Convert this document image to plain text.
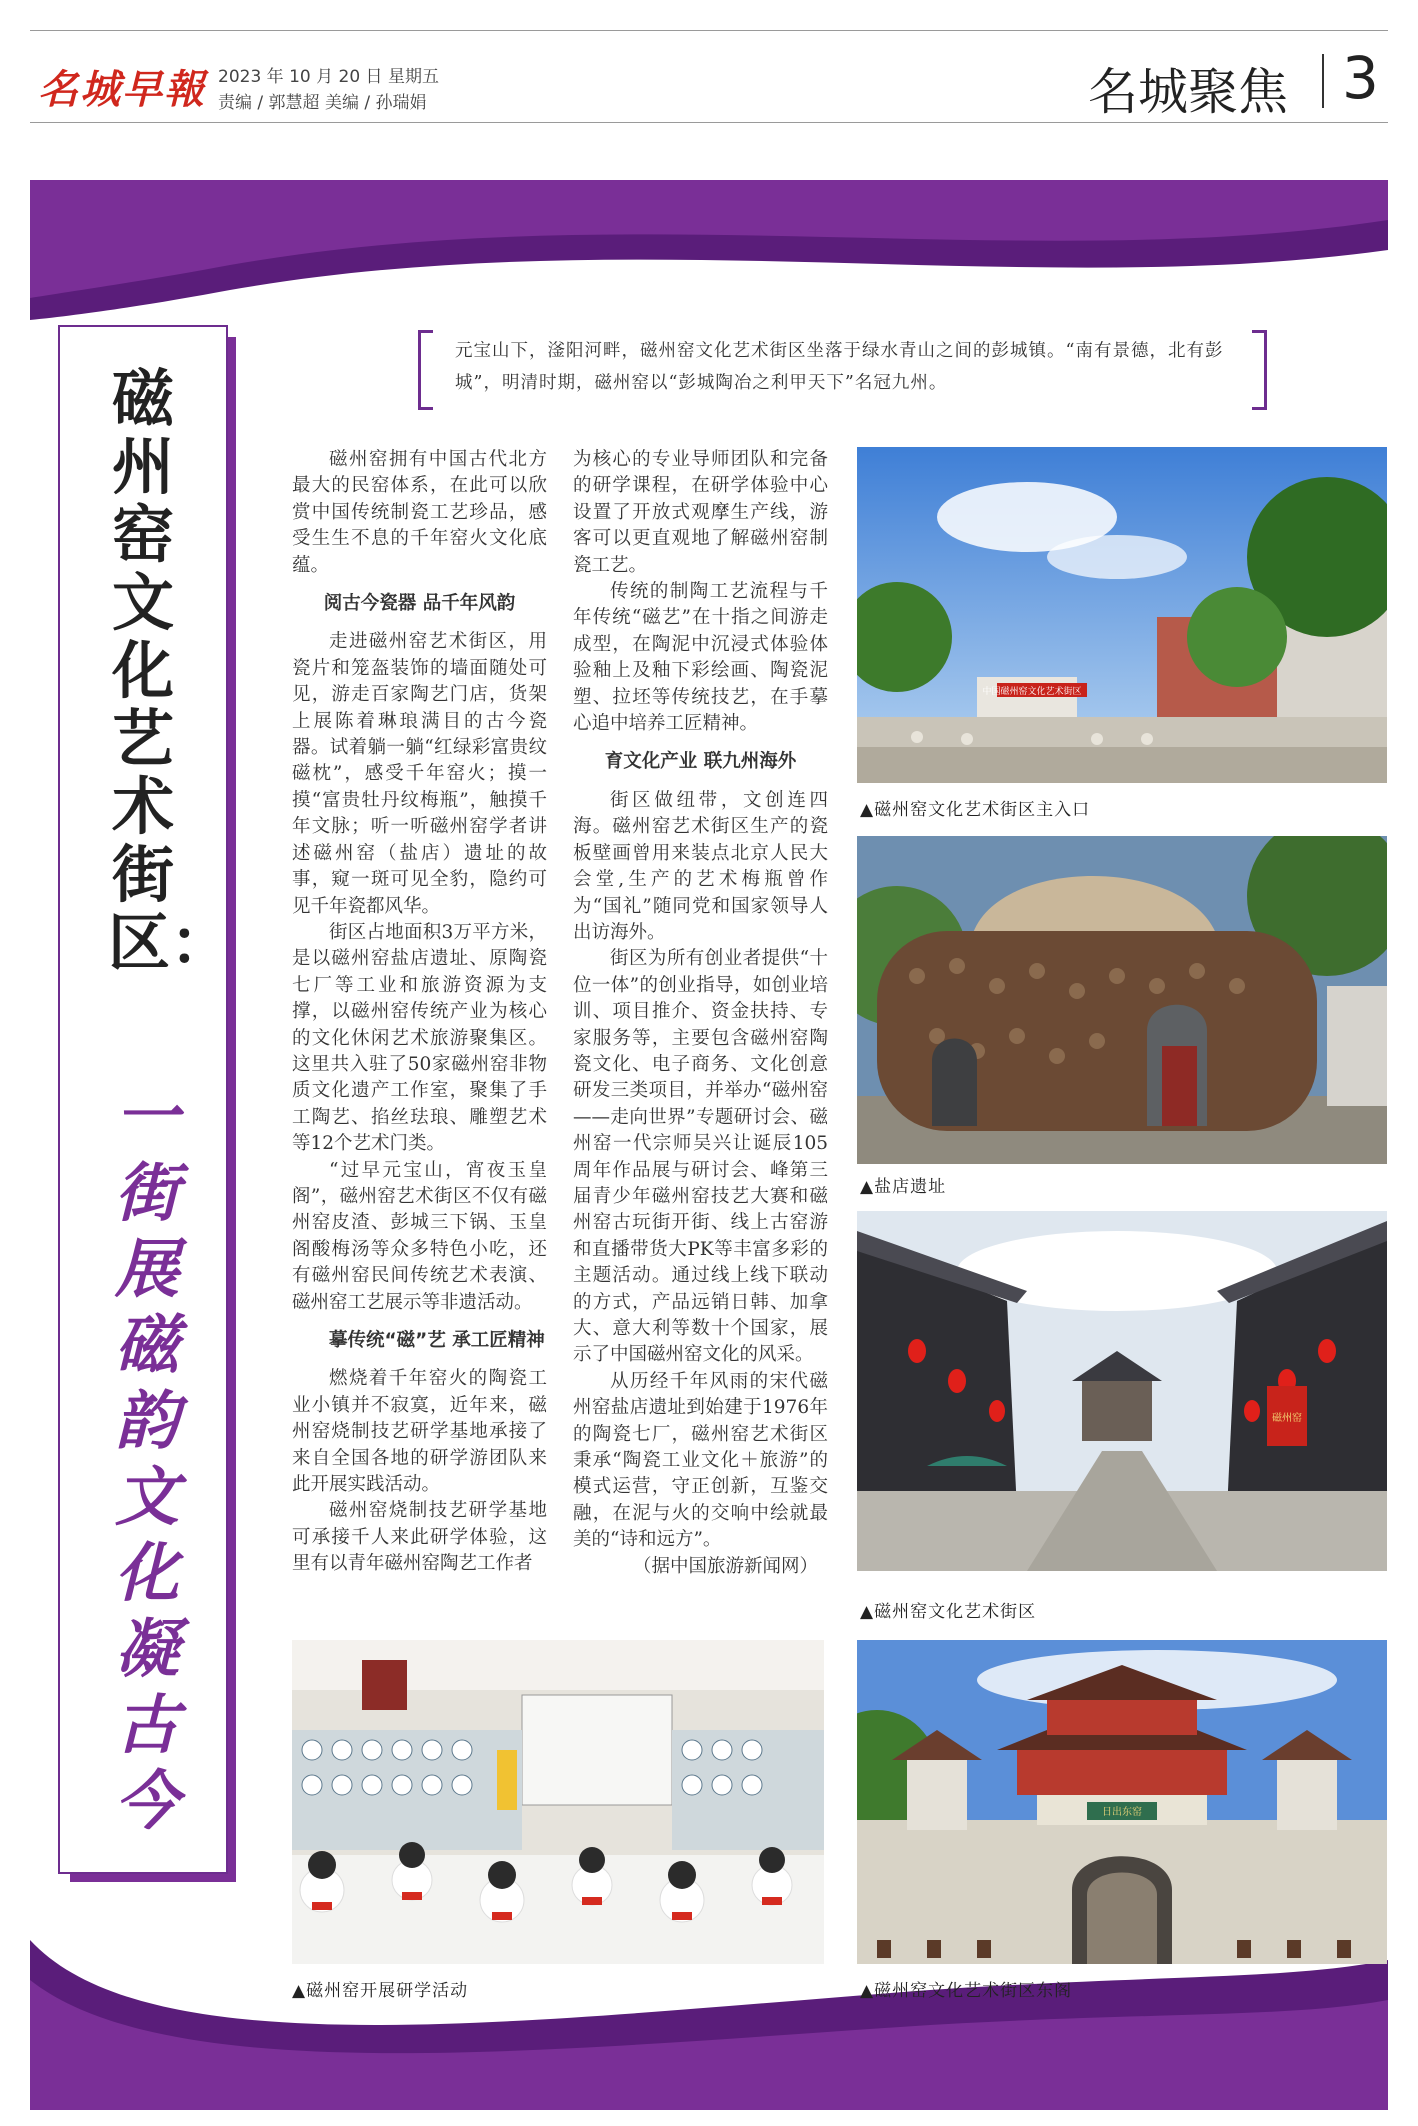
名城早報 2023 年 10 月 20 日 星期五
责编 / 郭慧超 美编 / 孙瑞娟	名城聚焦 3
磁州窑文化艺术街区：
一街展磁韵 文化凝古今
元宝山下，滏阳河畔，磁州窑文化艺术街区坐落于绿水青山之间的彭城镇。“南有景德，北有彭城”，明清时期，磁州窑以“彭城陶冶之利甲天下”名冠九州。

磁州窑拥有中国古代北方最大的民窑体系，在此可以欣赏中国传统制瓷工艺珍品，感受生生不息的千年窑火文化底蕴。

阅古今瓷器 品千年风韵

走进磁州窑艺术街区，用瓷片和笼盔装饰的墙面随处可见，游走百家陶艺门店，货架上展陈着琳琅满目的古今瓷器。试着躺一躺“红绿彩富贵纹磁枕”，感受千年窑火；摸一摸“富贵牡丹纹梅瓶”，触摸千年文脉；听一听磁州窑学者讲述磁州窑（盐店）遗址的故事，窥一斑可见全豹，隐约可见千年瓷都风华。

街区占地面积3万平方米，是以磁州窑盐店遗址、原陶瓷七厂等工业和旅游资源为支撑，以磁州窑传统产业为核心的文化休闲艺术旅游聚集区。这里共入驻了50家磁州窑非物质文化遗产工作室，聚集了手工陶艺、掐丝珐琅、雕塑艺术等12个艺术门类。

“过早元宝山，宵夜玉皇阁”，磁州窑艺术街区不仅有磁州窑皮渣、彭城三下锅、玉皇阁酸梅汤等众多特色小吃，还有磁州窑民间传统艺术表演、磁州窑工艺展示等非遗活动。

摹传统“磁”艺 承工匠精神

燃烧着千年窑火的陶瓷工业小镇并不寂寞，近年来，磁州窑烧制技艺研学基地承接了来自全国各地的研学游团队来此开展实践活动。

磁州窑烧制技艺研学基地可承接千人来此研学体验，这里有以青年磁州窑陶艺工作者

为核心的专业导师团队和完备的研学课程，在研学体验中心设置了开放式观摩生产线，游客可以更直观地了解磁州窑制瓷工艺。

传统的制陶工艺流程与千年传统“磁艺”在十指之间游走成型，在陶泥中沉浸式体验体验釉上及釉下彩绘画、陶瓷泥塑、拉坯等传统技艺，在手摹心追中培养工匠精神。

育文化产业 联九州海外

街区做纽带，文创连四海。磁州窑艺术街区生产的瓷板壁画曾用来装点北京人民大会堂,生产的艺术梅瓶曾作为“国礼”随同党和国家领导人出访海外。

街区为所有创业者提供“十位一体”的创业指导，如创业培训、项目推介、资金扶持、专家服务等，主要包含磁州窑陶瓷文化、电子商务、文化创意研发三类项目，并举办“磁州窑——走向世界”专题研讨会、磁州窑一代宗师吴兴让诞辰105周年作品展与研讨会、峰第三届青少年磁州窑技艺大赛和磁州窑古玩街开街、线上古窑游和直播带货大PK等丰富多彩的主题活动。通过线上线下联动的方式，产品远销日韩、加拿大、意大利等数十个国家，展示了中国磁州窑文化的风采。

从历经千年风雨的宋代磁州窑盐店遗址到始建于1976年的陶瓷七厂，磁州窑艺术街区秉承“陶瓷工业文化＋旅游”的模式运营，守正创新，互鉴交融，在泥与火的交响中绘就最美的“诗和远方”。

（据中国旅游新闻网）

中国磁州窑文化艺术街区
▲磁州窑文化艺术街区主入口
▲盐店遗址
磁州窑
▲磁州窑文化艺术街区
▲磁州窑开展研学活动
日出东窑
▲磁州窑文化艺术街区东阁
